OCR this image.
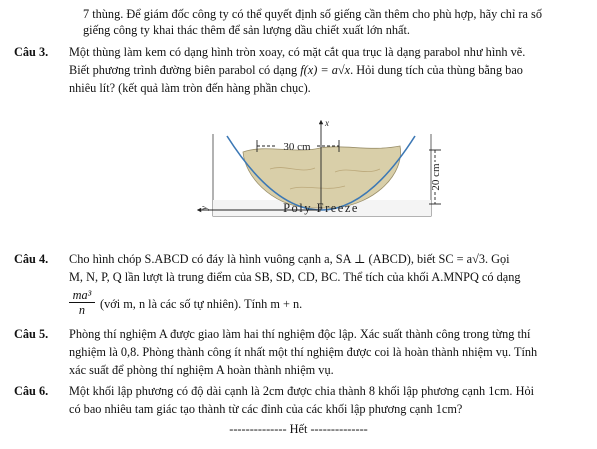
7 thùng. Để giám đốc công ty có thể quyết định số giếng cần thêm cho phù hợp, hãy chỉ ra số
giếng công ty khai thác thêm để sản lượng dầu chiết xuất lớn nhất.
Câu 3. Một thùng làm kem có dạng hình tròn xoay, có mặt cắt qua trục là dạng parabol như hình vẽ.
Biết phương trình đường biên parabol có dạng f(x) = a√x. Hỏi dung tích của thùng bằng bao
nhiêu lít? (kết quả làm tròn đến hàng phần chục).
30 cm
20 cm
Poly Freeze
x
y
Câu 4. Cho hình chóp S.ABCD có đáy là hình vuông cạnh a, SA ⊥ (ABCD), biết SC = a√3. Gọi
M, N, P, Q lần lượt là trung điểm của SB, SD, CD, BC. Thể tích của khối A.MNPQ có dạng
$\frac{\text{ma³}}{n}$ (với m, n là các số tự nhiên). Tính m + n.
Câu 5. Phòng thí nghiệm A được giao làm hai thí nghiệm độc lập. Xác suất thành công trong từng thí
nghiệm là 0,8. Phòng thành công ít nhất một thí nghiệm được coi là hoàn thành nhiệm vụ. Tính
xác suất để phòng thí nghiệm A hoàn thành nhiệm vụ.
Câu 6. Một khối lập phương có độ dài cạnh là 2cm được chia thành 8 khối lập phương cạnh 1cm. Hỏi
có bao nhiêu tam giác tạo thành từ các đỉnh của các khối lập phương cạnh 1cm?
-------------- Hết --------------
